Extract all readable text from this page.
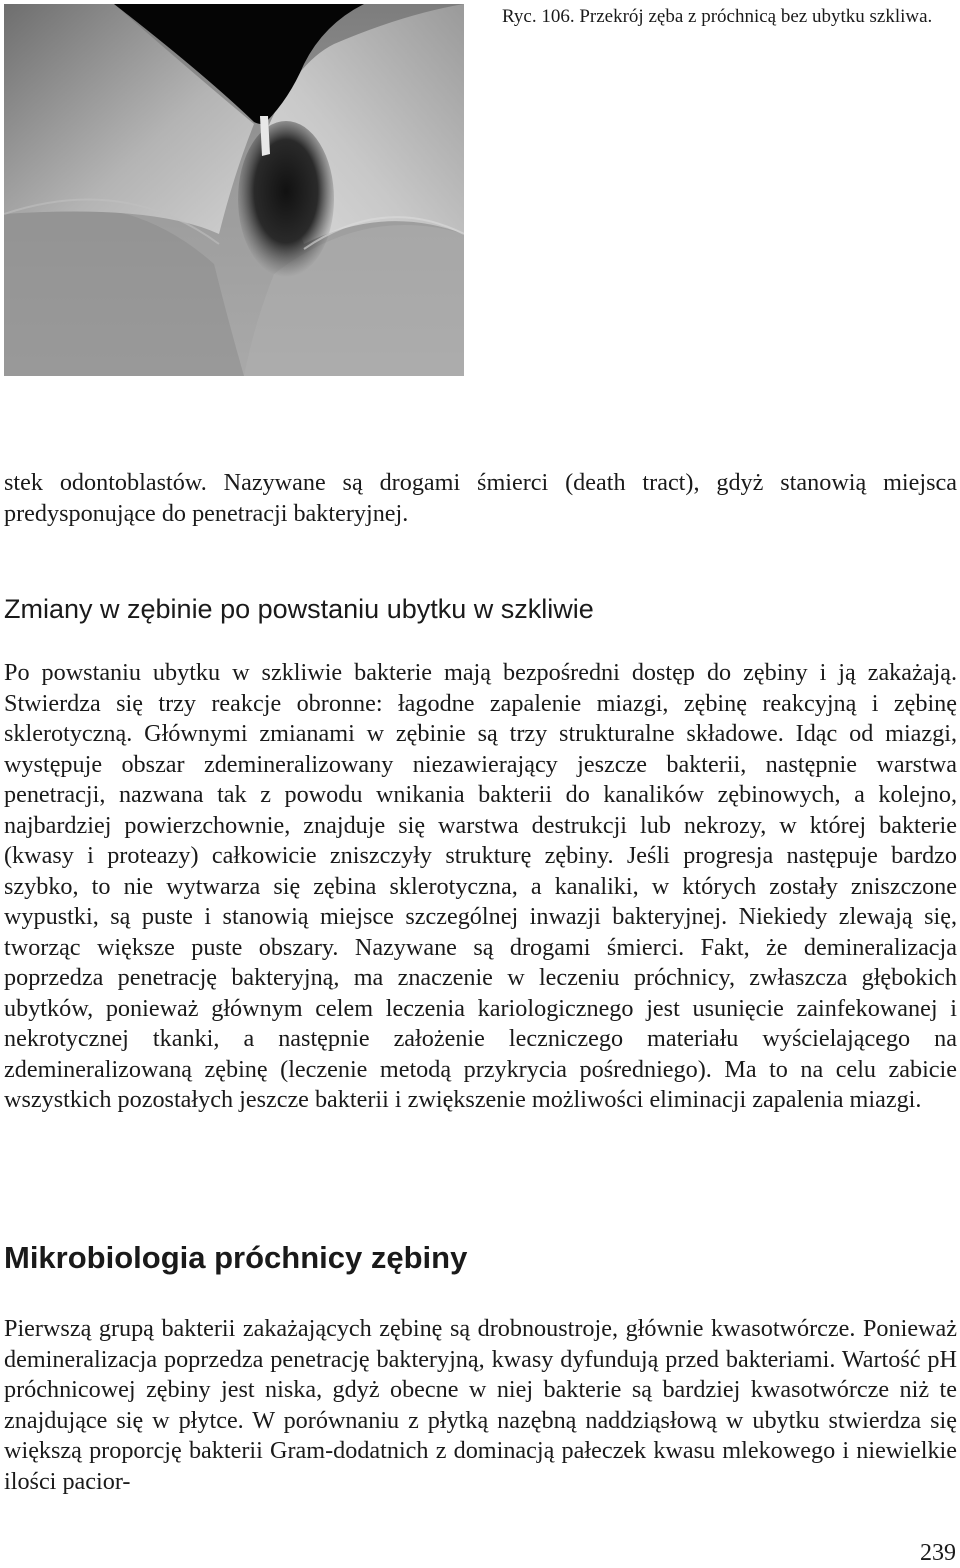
Ryc. 106. Przekrój zęba z próchnicą bez ubytku szkliwa.

stek odontoblastów. Nazywane są drogami śmierci (death tract), gdyż stanowią miejsca predysponujące do penetracji bakteryjnej.

Zmiany w zębinie po powstaniu ubytku w szkliwie

Po powstaniu ubytku w szkliwie bakterie mają bezpośredni dostęp do zębiny i ją zakażają. Stwierdza się trzy reakcje obronne: łagodne zapalenie miazgi, zębinę reakcyjną i zębinę sklerotyczną. Głównymi zmianami w zębinie są trzy strukturalne składowe. Idąc od miazgi, występuje obszar zdemineralizowany niezawierający jeszcze bakterii, następnie warstwa penetracji, nazwana tak z powodu wnikania bakterii do kanalików zębinowych, a kolejno, najbardziej powierzchownie, znajduje się warstwa destrukcji lub nekrozy, w której bakterie (kwasy i proteazy) całkowicie zniszczyły strukturę zębiny. Jeśli progresja następuje bardzo szybko, to nie wytwarza się zębina sklerotyczna, a kanaliki, w których zostały zniszczone wypustki, są puste i stanowią miejsce szczególnej inwazji bakteryjnej. Niekiedy zlewają się, tworząc większe puste obszary. Nazywane są drogami śmierci. Fakt, że demineralizacja poprzedza penetrację bakteryjną, ma znaczenie w leczeniu próchnicy, zwłaszcza głębokich ubytków, ponieważ głównym celem leczenia kariologicznego jest usunięcie zainfekowanej i nekrotycznej tkanki, a następnie założenie leczniczego materiału wyścielającego na zdemineralizowaną zębinę (leczenie metodą przykrycia pośredniego). Ma to na celu zabicie wszystkich pozostałych jeszcze bakterii i zwiększenie możliwości eliminacji zapalenia miazgi.

Mikrobiologia próchnicy zębiny

Pierwszą grupą bakterii zakażających zębinę są drobnoustroje, głównie kwasotwórcze. Ponieważ demineralizacja poprzedza penetrację bakteryjną, kwasy dyfundują przed bakteriami. Wartość pH próchnicowej zębiny jest niska, gdyż obecne w niej bakterie są bardziej kwasotwórcze niż te znajdujące się w płytce. W porównaniu z płytką nazębną naddziąsłową w ubytku stwierdza się większą proporcję bakterii Gram-dodatnich z dominacją pałeczek kwasu mlekowego i niewielkie ilości pacior-

239
